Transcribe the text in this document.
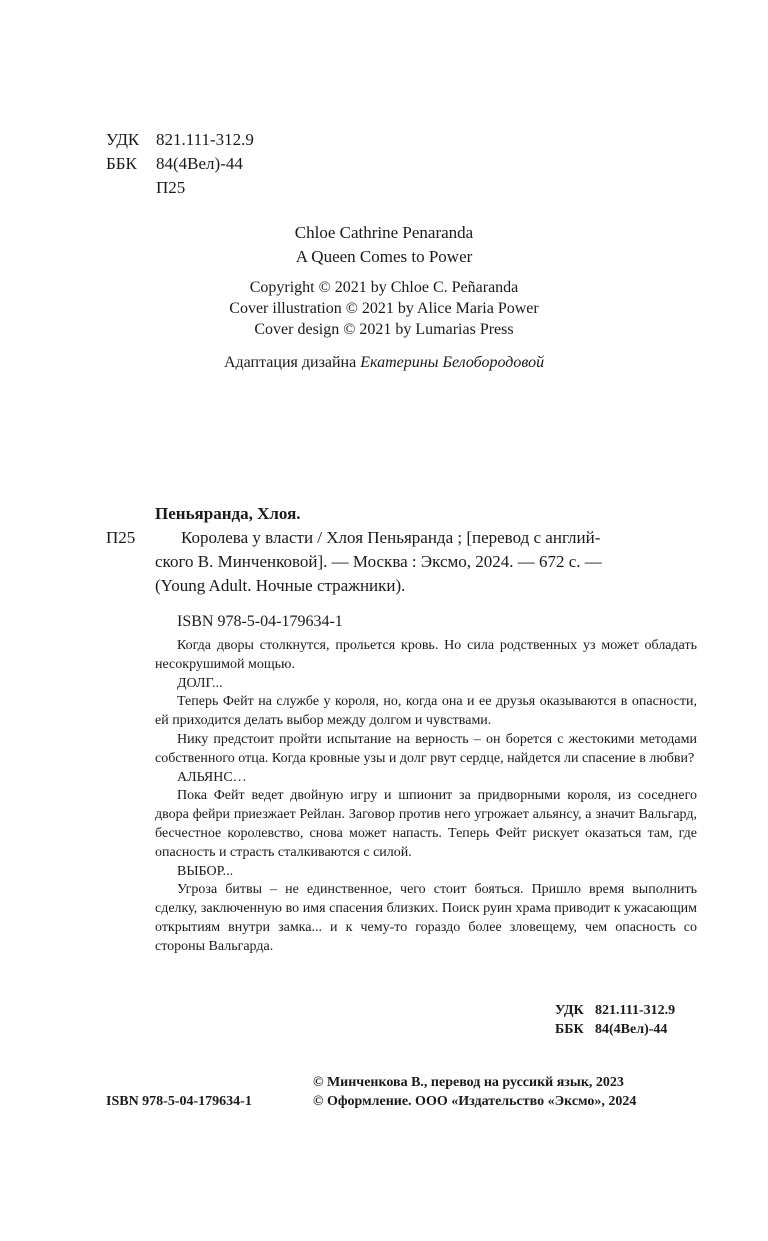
УДК 821.111-312.9
ББК 84(4Вел)-44
П25
Chloe Cathrine Penaranda
A Queen Comes to Power
Copyright © 2021 by Chloe C. Peñaranda
Cover illustration © 2021 by Alice Maria Power
Cover design © 2021 by Lumarias Press
Адаптация дизайна Екатерины Белобородовой
Пеньяранда, Хлоя.
П25	Королева у власти / Хлоя Пеньяранда ; [перевод с англий-
ского В. Минченковой]. — Москва : Эксмо, 2024. — 672 с. —
(Young Adult. Ночные стражники).
ISBN 978-5-04-179634-1

Когда дворы столкнутся, прольется кровь. Но сила родственных уз может обладать несокрушимой мощью.

ДОЛГ...

Теперь Фейт на службе у короля, но, когда она и ее друзья оказываются в опасности, ей приходится делать выбор между долгом и чувствами.

Нику предстоит пройти испытание на верность – он борется с жестокими методами собственного отца. Когда кровные узы и долг рвут сердце, найдется ли спасение в любви?

АЛЬЯНС…

Пока Фейт ведет двойную игру и шпионит за придворными короля, из соседнего двора фейри приезжает Рейлан. Заговор против него угрожает альянсу, а значит Вальгард, бесчестное королевство, снова может напасть. Теперь Фейт рискует оказаться там, где опасность и страсть сталкиваются с силой.

ВЫБОР...

Угроза битвы – не единственное, чего стоит бояться. Пришло время выполнить сделку, заключенную во имя спасения близких. Поиск руин храма приводит к ужасающим открытиям внутри замка... и к чему-то гораздо более зловещему, чем опасность со стороны Вальгарда.

УДК 821.111-312.9
ББК 84(4Вел)-44
© Минченкова В., перевод на русcикй язык, 2023
ISBN 978-5-04-179634-1	© Оформление. ООО «Издательство «Эксмо», 2024
